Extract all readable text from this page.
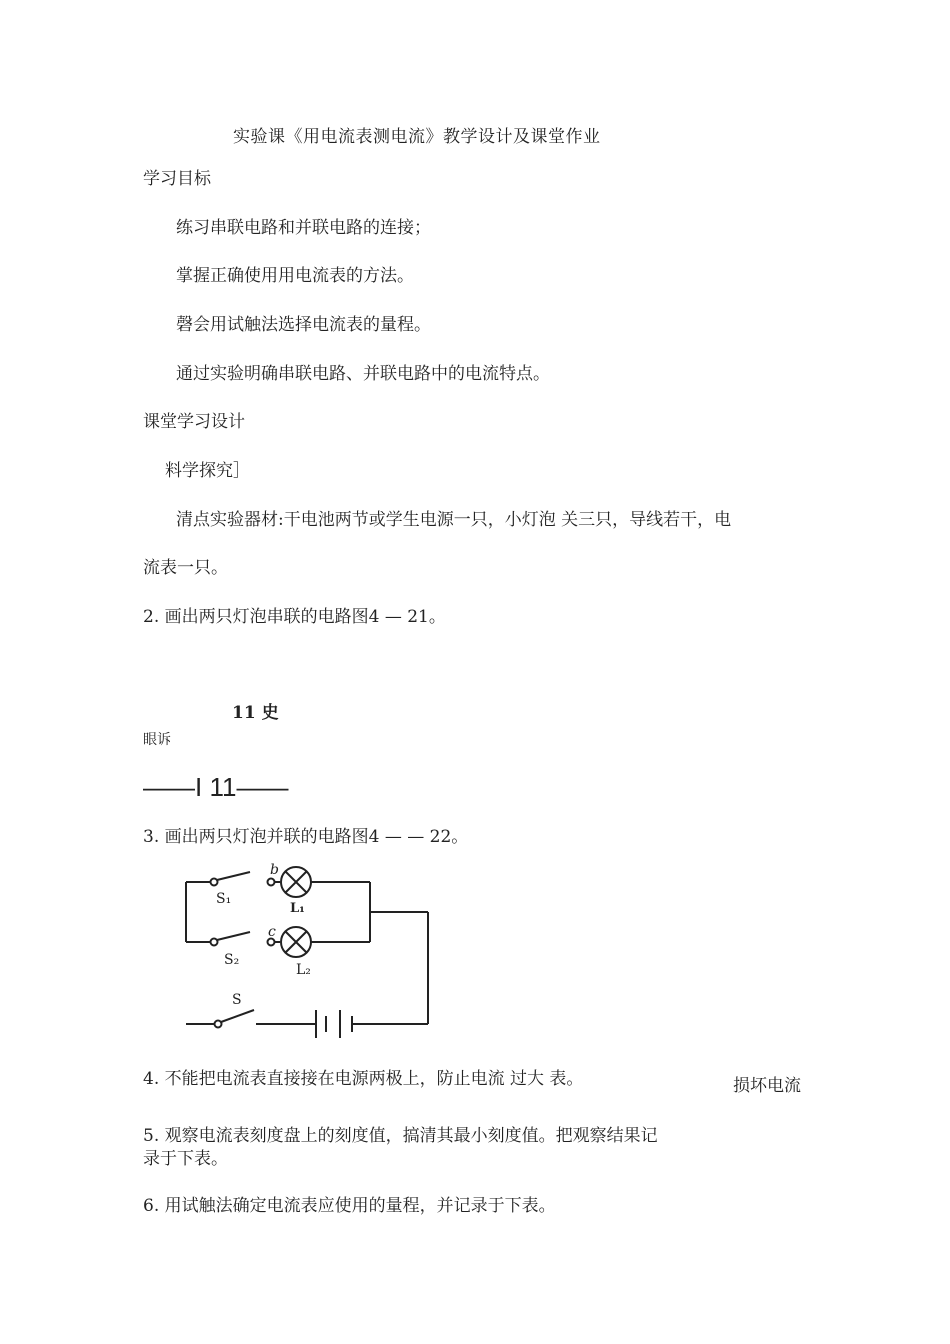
实验课《用电流表测电流》教学设计及课堂作业
学习目标
练习串联电路和并联电路的连接；
掌握正确使用用电流表的方法。
磬会用试触法选择电流表的量程。
通过实验明确串联电路、并联电路中的电流特点。
课堂学习设计
料学探究］
清点实验器材:干电池两节或学生电源一只，小灯泡 关三只，导线若干，电
流表一只。
2. 画出两只灯泡串联的电路图4 — 21。
11 史
眼诉
——I 11——
3. 画出两只灯泡并联的电路图4 — — 22。
S₁
b
L₁
S₂
c
L₂
S
4. 不能把电流表直接接在电源两极上，防止电流 过大 表。	损坏电流
5. 观察电流表刻度盘上的刻度值，搞清其最小刻度值。把观察结果记
录于下表。
6. 用试触法确定电流表应使用的量程，并记录于下表。
